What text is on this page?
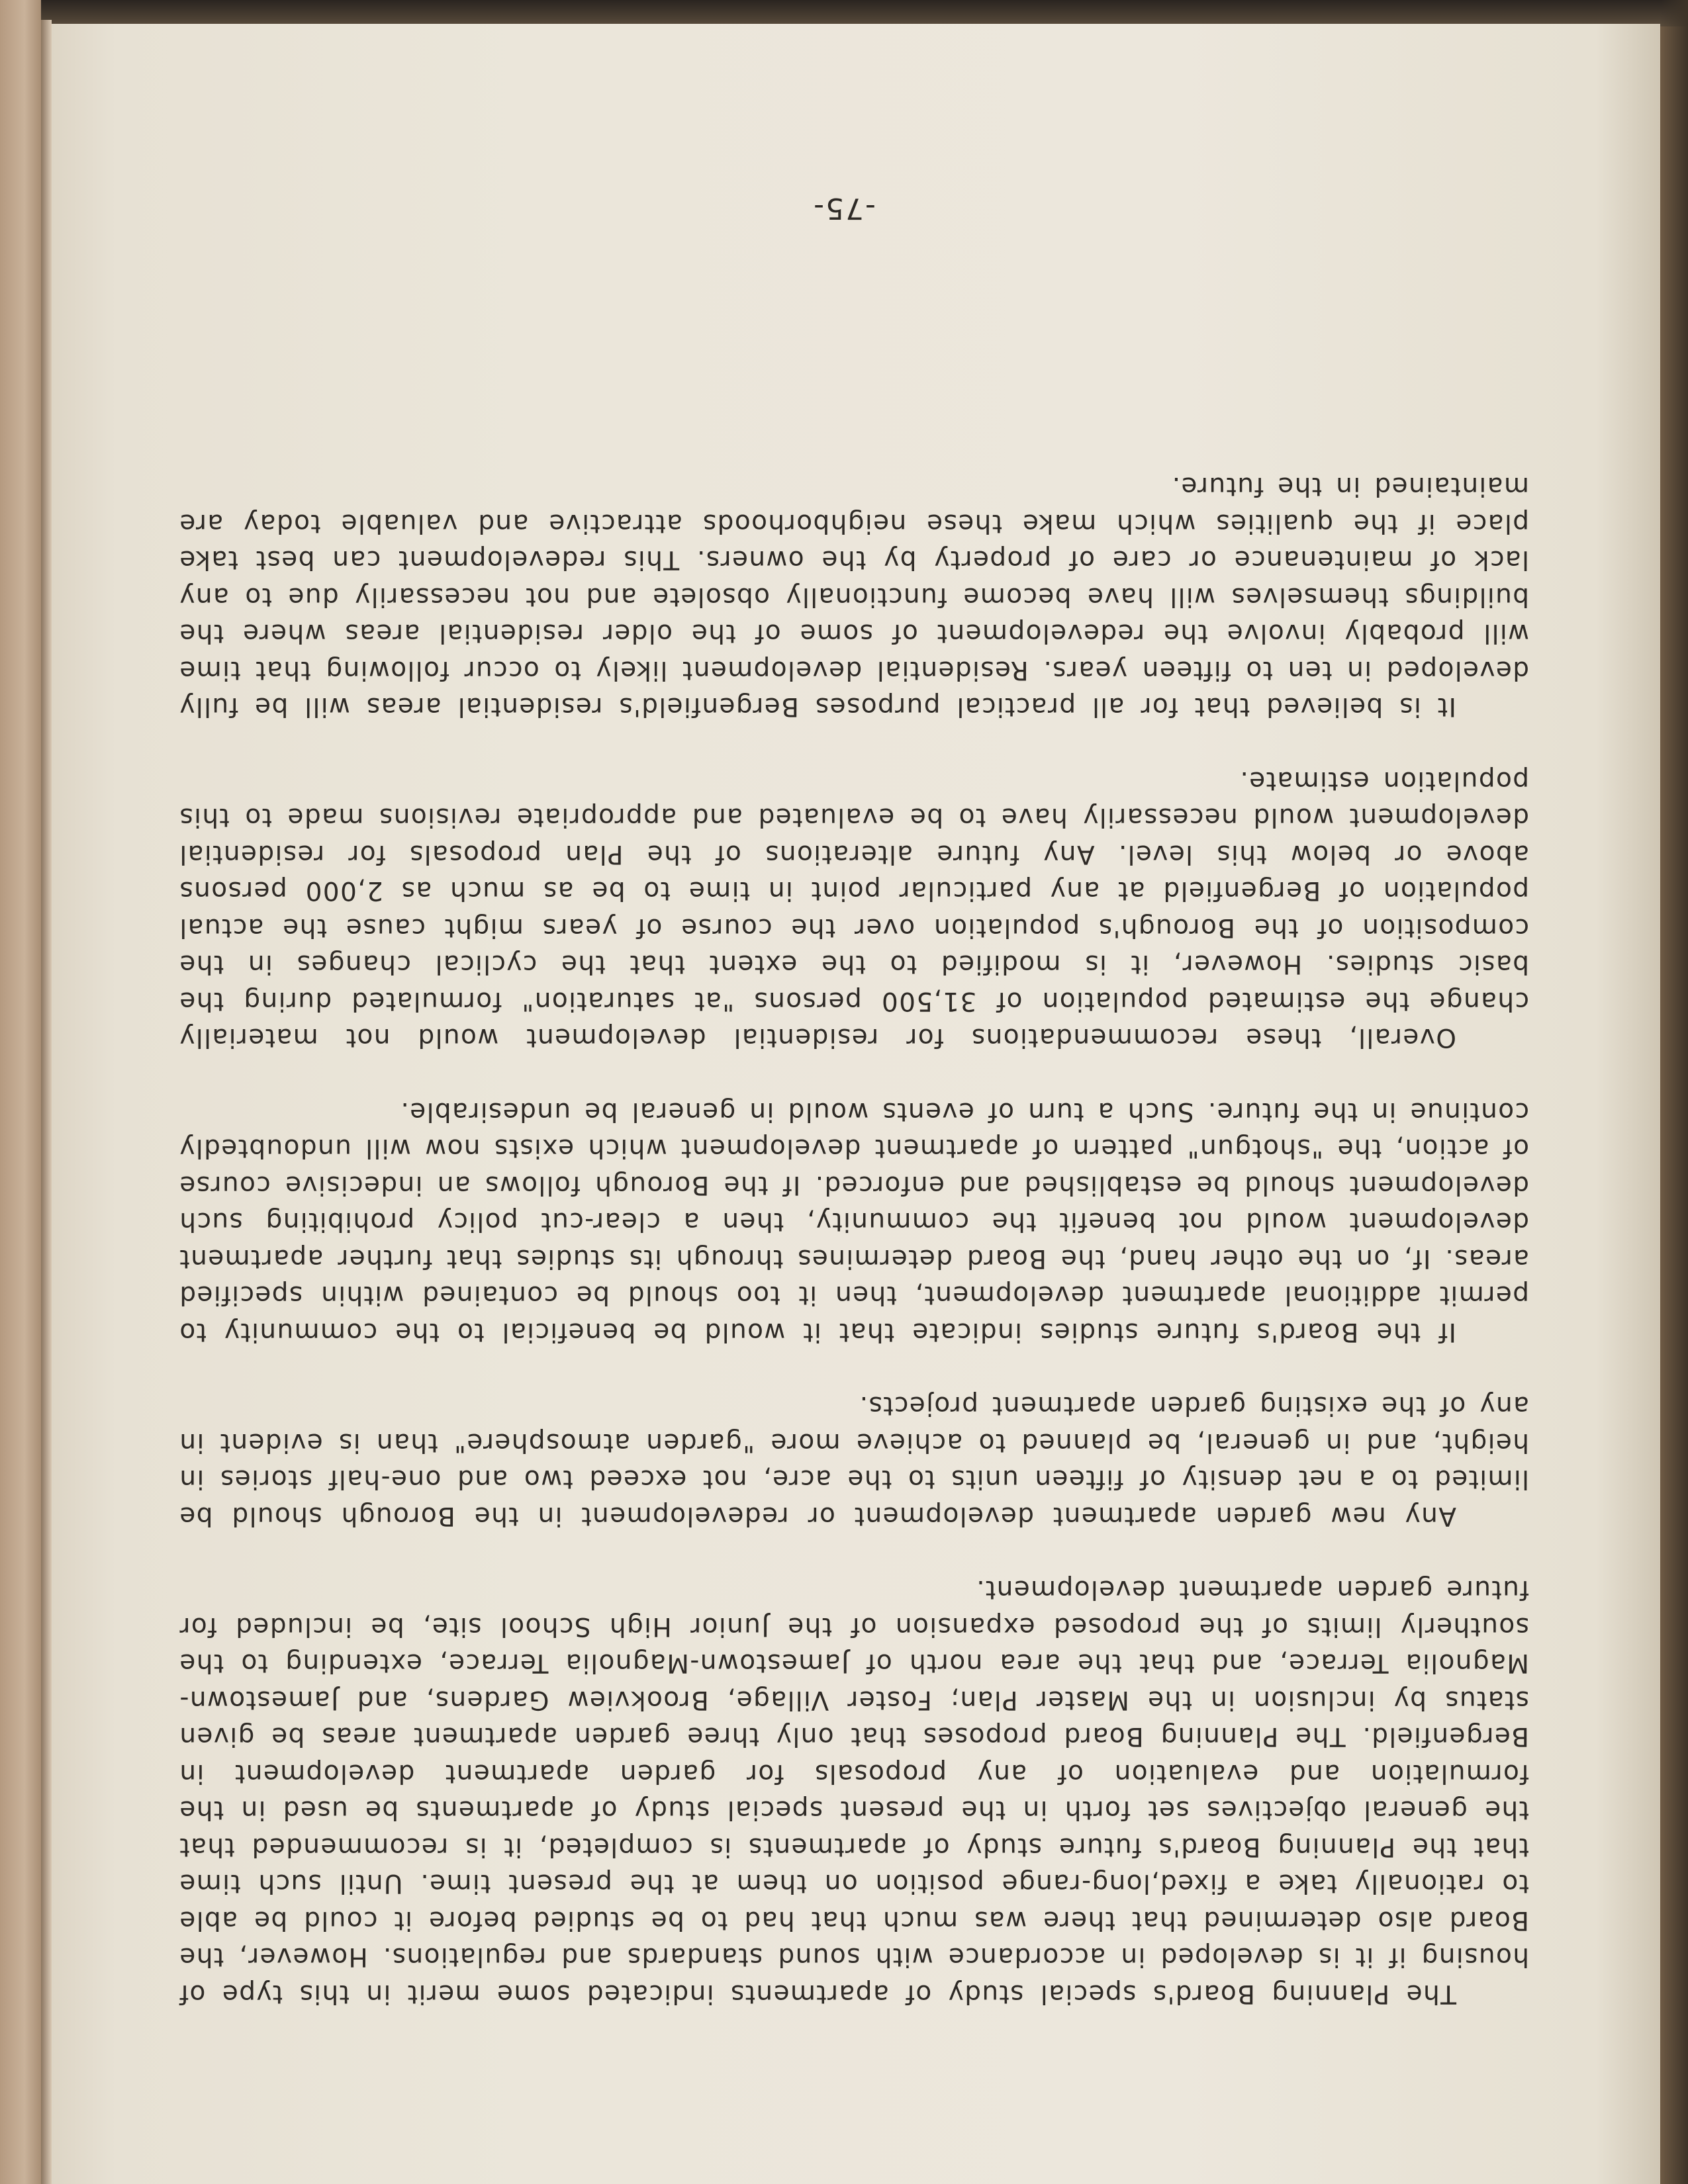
The Planning Board's special study of apartments indicated some merit in this type of housing if it is developed in accordance with sound standards and regulations. However, the Board also determined that there was much that had to be studied before it could be able to rationally take a fixed,long-range position on them at the present time. Until such time that the Planning Board's future study of apartments is completed, it is recommended that the general objectives set forth in the present special study of apartments be used in the formulation and evaluation of any proposals for garden apartment development in Bergenfield. The Planning Board proposes that only three garden apartment areas be given status by inclusion in the Master Plan; Foster Village, Brookview Gardens, and Jamestown-Magnolia Terrace, and that the area north of Jamestown-Magnolia Terrace, extending to the southerly limits of the proposed expansion of the Junior High School site, be included for future garden apartment development.

Any new garden apartment development or redevelopment in the Borough should be limited to a net density of fifteen units to the acre, not exceed two and one-half stories in height, and in general, be planned to achieve more "garden atmosphere" than is evident in any of the existing garden apartment projects.

If the Board's future studies indicate that it would be beneficial to the community to permit additional apartment development, then it too should be contained within specified areas. If, on the other hand, the Board determines through its studies that further apartment development would not benefit the community, then a clear-cut policy prohibiting such development should be established and enforced. If the Borough follows an indecisive course of action, the "shotgun" pattern of apartment development which exists now will undoubtedly continue in the future. Such a turn of events would in general be undesirable.

Overall, these recommendations for residential development would not materially change the estimated population of 31,500 persons "at saturation" formulated during the basic studies. However, it is modified to the extent that the cyclical changes in the composition of the Borough's population over the course of years might cause the actual population of Bergenfield at any particular point in time to be as much as 2,000 persons above or below this level. Any future alterations of the Plan proposals for residential development would necessarily have to be evaluated and appropriate revisions made to this population estimate.

It is believed that for all practical purposes Bergenfield's residential areas will be fully developed in ten to fifteen years. Residential development likely to occur following that time will probably involve the redevelopment of some of the older residential areas where the buildings themselves will have become functionally obsolete and not necessarily due to any lack of maintenance or care of property by the owners. This redevelopment can best take place if the qualities which make these neighborhoods attractive and valuable today are maintained in the future.

-75-
